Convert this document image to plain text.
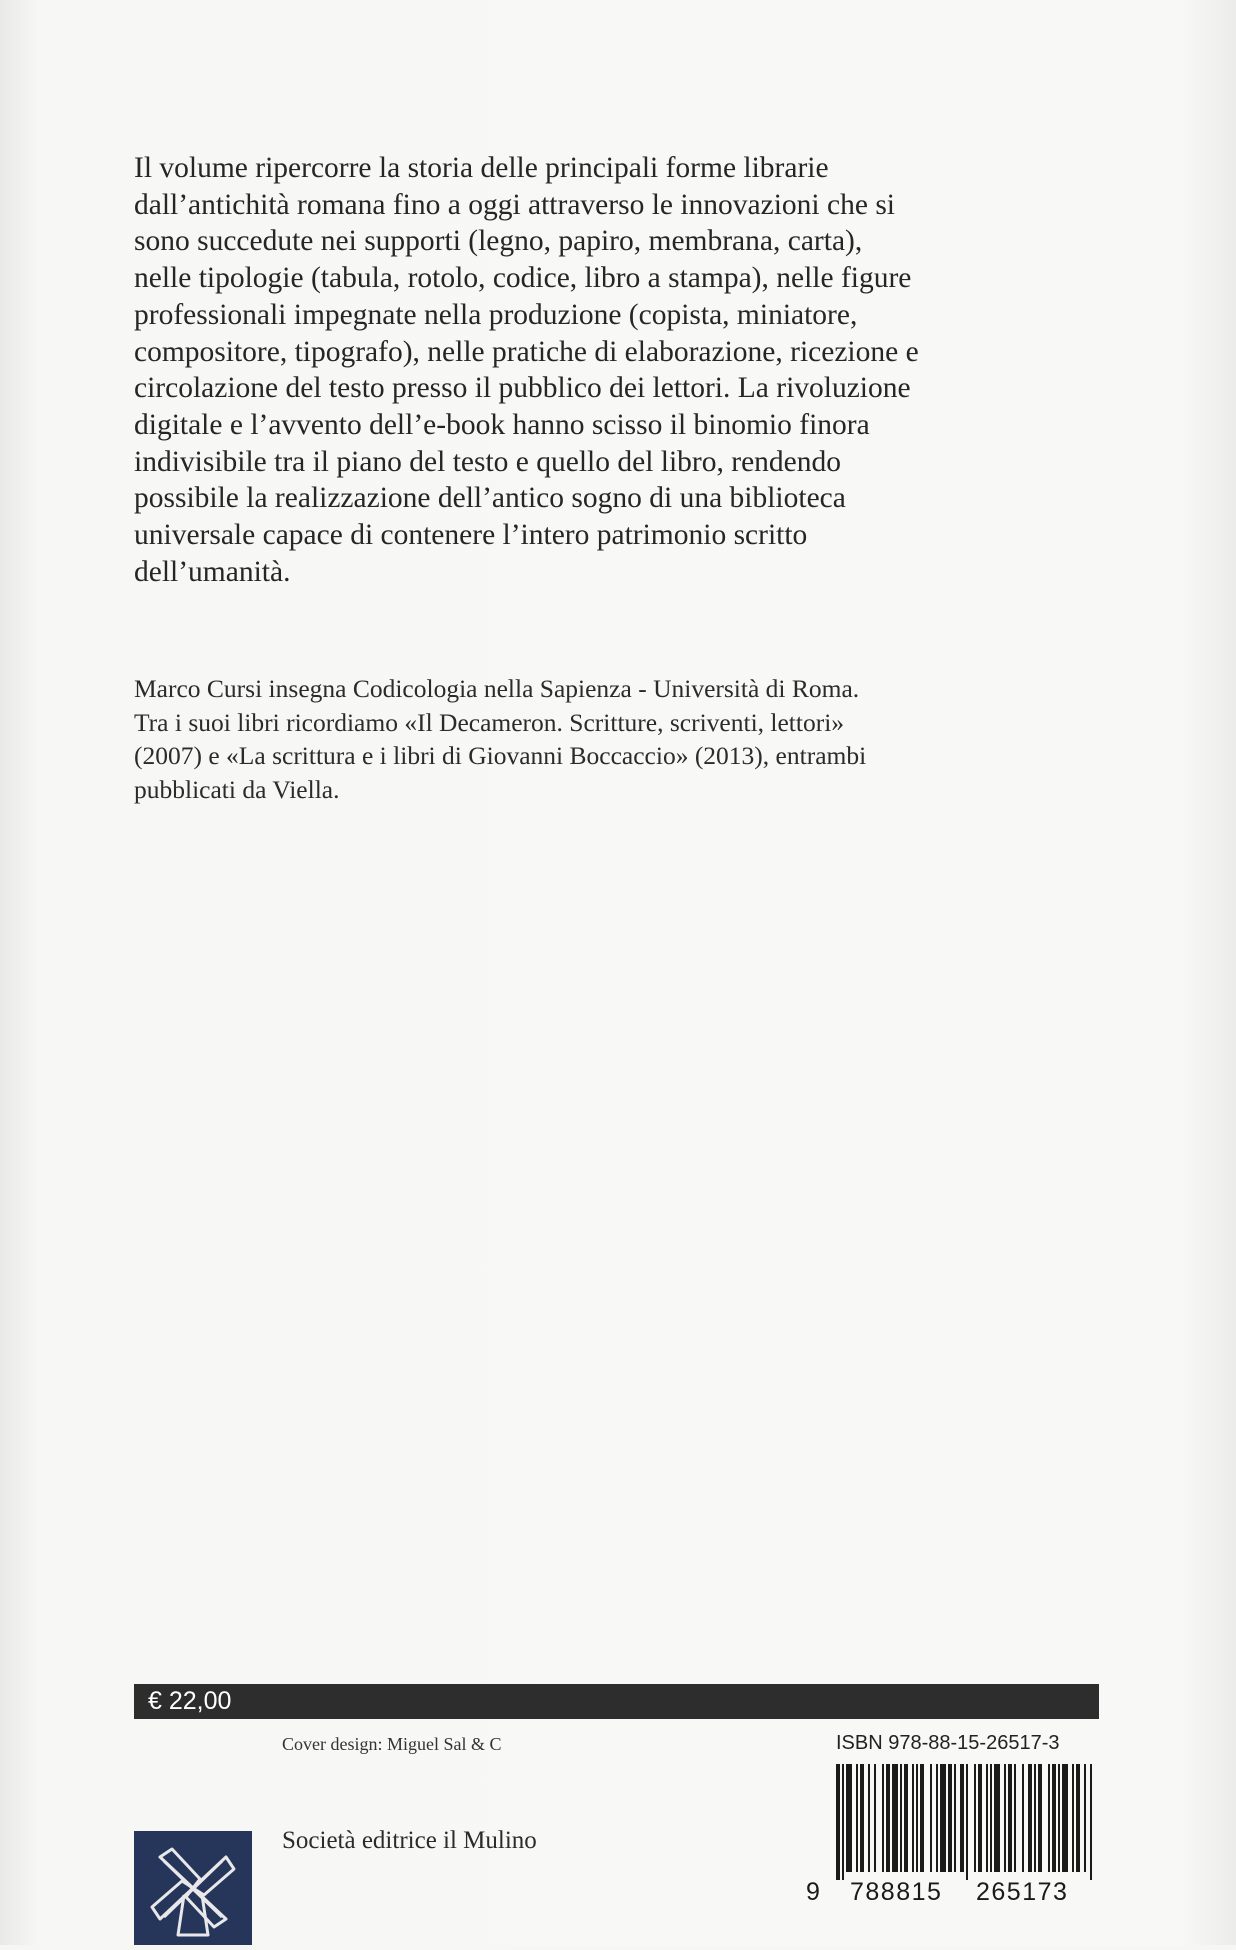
Il volume ripercorre la storia delle principali forme librarie
dall’antichità romana fino a oggi attraverso le innovazioni che si
sono succedute nei supporti (legno, papiro, membrana, carta),
nelle tipologie (tabula, rotolo, codice, libro a stampa), nelle figure
professionali impegnate nella produzione (copista, miniatore,
compositore, tipografo), nelle pratiche di elaborazione, ricezione e
circolazione del testo presso il pubblico dei lettori. La rivoluzione
digitale e l’avvento dell’e-book hanno scisso il binomio finora
indivisibile tra il piano del testo e quello del libro, rendendo
possibile la realizzazione dell’antico sogno di una biblioteca
universale capace di contenere l’intero patrimonio scritto
dell’umanità.
Marco Cursi insegna Codicologia nella Sapienza - Università di Roma.
Tra i suoi libri ricordiamo «Il Decameron. Scritture, scriventi, lettori»
(2007) e «La scrittura e i libri di Giovanni Boccaccio» (2013), entrambi
pubblicati da Viella.
€ 22,00
Cover design: Miguel Sal & C	ISBN 978-88-15-26517-3
9 788815 265173
Società editrice il Mulino
